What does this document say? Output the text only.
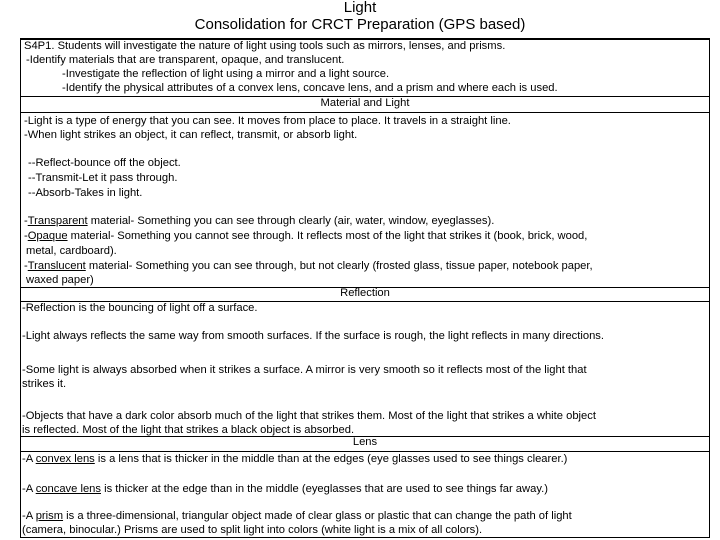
Light
Consolidation for CRCT Preparation (GPS based)
S4P1. Students will investigate the nature of light using tools such as mirrors, lenses, and prisms.
-Identify materials that are transparent, opaque, and translucent.
-Investigate the reflection of light using a mirror and a light source.
-Identify the physical attributes of a convex lens, concave lens, and a prism and where each is used.
Material and Light
-Light is a type of energy that you can see. It moves from place to place. It travels in a straight line.
-When light strikes an object, it can reflect, transmit, or absorb light.
--Reflect-bounce off the object.
--Transmit-Let it pass through.
--Absorb-Takes in light.
-Transparent material- Something you can see through clearly (air, water, window, eyeglasses).
-Opaque material- Something you cannot see through. It reflects most of the light that strikes it (book, brick, wood,
metal, cardboard).
-Translucent material- Something you can see through, but not clearly (frosted glass, tissue paper, notebook paper,
waxed paper)
Reflection
-Reflection is the bouncing of light off a surface.
-Light always reflects the same way from smooth surfaces. If the surface is rough, the light reflects in many directions.
-Some light is always absorbed when it strikes a surface. A mirror is very smooth so it reflects most of the light that
strikes it.
-Objects that have a dark color absorb much of the light that strikes them. Most of the light that strikes a white object
is reflected. Most of the light that strikes a black object is absorbed.
Lens
-A convex lens is a lens that is thicker in the middle than at the edges (eye glasses used to see things clearer.)
-A concave lens is thicker at the edge than in the middle (eyeglasses that are used to see things far away.)
-A prism is a three-dimensional, triangular object made of clear glass or plastic that can change the path of light
(camera, binocular.) Prisms are used to split light into colors (white light is a mix of all colors).
